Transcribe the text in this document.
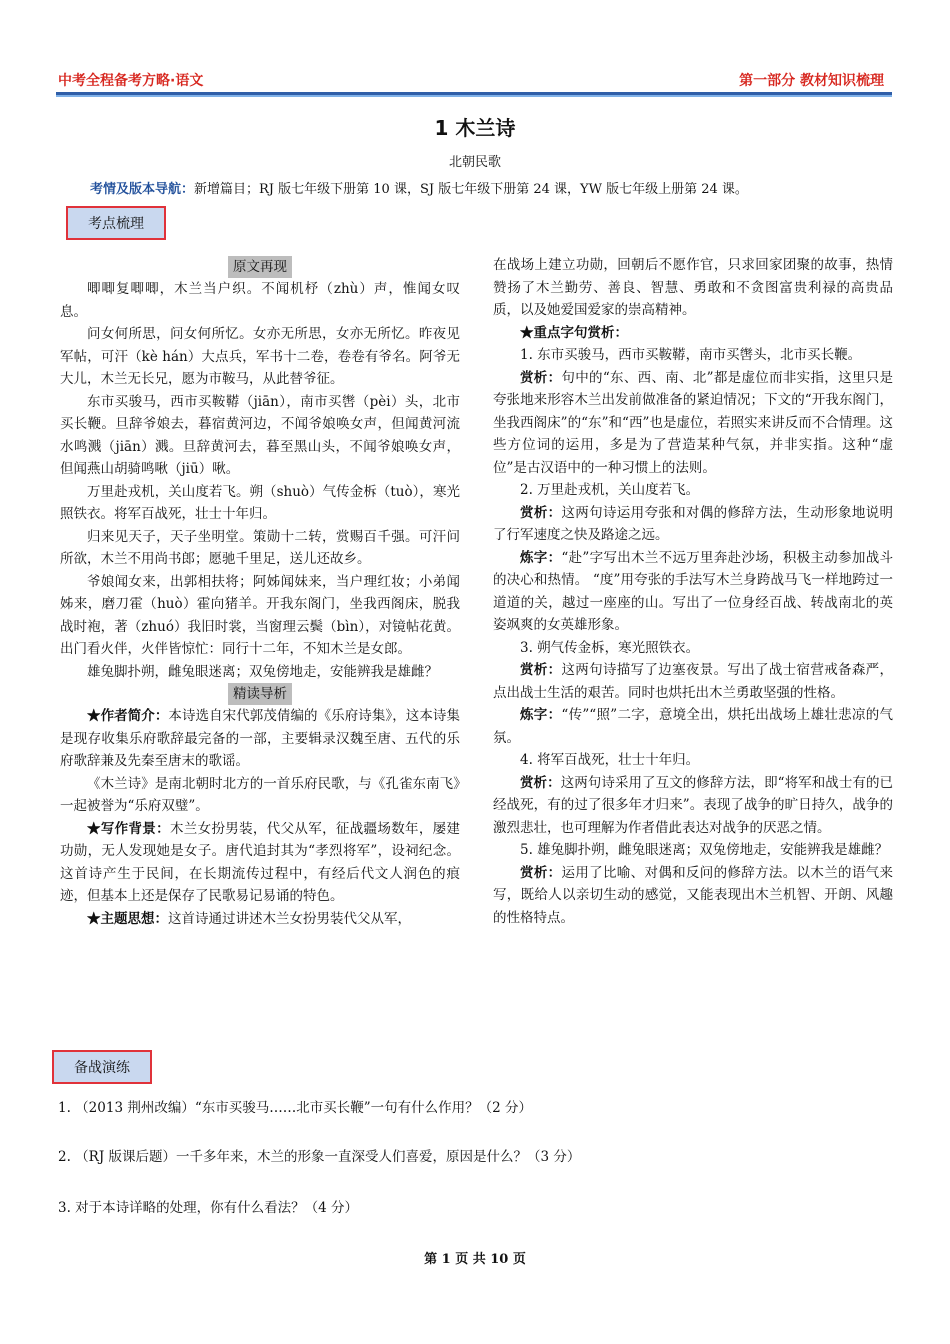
中考全程备考方略·语文	第一部分 教材知识梳理
1 木兰诗
北朝民歌
考情及版本导航：新增篇目；RJ 版七年级下册第 10 课，SJ 版七年级下册第 24 课，YW 版七年级上册第 24 课。
考点梳理
原文再现

唧唧复唧唧，木兰当户织。不闻机杼（zhù）声，惟闻女叹息。

问女何所思，问女何所忆。女亦无所思，女亦无所忆。昨夜见军帖，可汗（kè hán）大点兵，军书十二卷，卷卷有爷名。阿爷无大儿，木兰无长兄，愿为市鞍马，从此替爷征。

东市买骏马，西市买鞍鞯（jiān），南市买辔（pèi）头，北市买长鞭。旦辞爷娘去，暮宿黄河边，不闻爷娘唤女声，但闻黄河流水鸣溅（jiān）溅。旦辞黄河去，暮至黑山头，不闻爷娘唤女声，但闻燕山胡骑鸣啾（jiū）啾。

万里赴戎机，关山度若飞。朔（shuò）气传金柝（tuò），寒光照铁衣。将军百战死，壮士十年归。

归来见天子，天子坐明堂。策勋十二转，赏赐百千强。可汗问所欲，木兰不用尚书郎；愿驰千里足，送儿还故乡。

爷娘闻女来，出郭相扶将；阿姊闻妹来，当户理红妆；小弟闻姊来，磨刀霍（huò）霍向猪羊。开我东阁门，坐我西阁床，脱我战时袍，著（zhuó）我旧时裳，当窗理云鬓（bìn），对镜帖花黄。出门看火伴，火伴皆惊忙：同行十二年，不知木兰是女郎。

雄兔脚扑朔，雌兔眼迷离；双兔傍地走，安能辨我是雄雌？

精读导析

★作者简介：本诗选自宋代郭茂倩编的《乐府诗集》，这本诗集是现存收集乐府歌辞最完备的一部，主要辑录汉魏至唐、五代的乐府歌辞兼及先秦至唐末的歌谣。

《木兰诗》是南北朝时北方的一首乐府民歌，与《孔雀东南飞》一起被誉为“乐府双璧”。

★写作背景：木兰女扮男装，代父从军，征战疆场数年，屡建功勋，无人发现她是女子。唐代追封其为“孝烈将军”，设祠纪念。这首诗产生于民间，在长期流传过程中，有经后代文人润色的痕迹，但基本上还是保存了民歌易记易诵的特色。

★主题思想：这首诗通过讲述木兰女扮男装代父从军，

在战场上建立功勋，回朝后不愿作官，只求回家团聚的故事，热情赞扬了木兰勤劳、善良、智慧、勇敢和不贪图富贵利禄的高贵品质，以及她爱国爱家的崇高精神。

★重点字句赏析：

1. 东市买骏马，西市买鞍鞯，南市买辔头，北市买长鞭。

赏析：句中的“东、西、南、北”都是虚位而非实指，这里只是夸张地来形容木兰出发前做准备的紧迫情况；下文的“开我东阁门，坐我西阁床”的“东”和“西”也是虚位，若照实来讲反而不合情理。这些方位词的运用，多是为了营造某种气氛，并非实指。这种“虚位”是古汉语中的一种习惯上的法则。

2. 万里赴戎机，关山度若飞。

赏析：这两句诗运用夸张和对偶的修辞方法，生动形象地说明了行军速度之快及路途之远。

炼字：“赴”字写出木兰不远万里奔赴沙场，积极主动参加战斗的决心和热情。 “度”用夸张的手法写木兰身跨战马飞一样地跨过一道道的关，越过一座座的山。写出了一位身经百战、转战南北的英姿飒爽的女英雄形象。

3. 朔气传金柝，寒光照铁衣。

赏析：这两句诗描写了边塞夜景。写出了战士宿营戒备森严，点出战士生活的艰苦。同时也烘托出木兰勇敢坚强的性格。

炼字：“传”“照”二字，意境全出，烘托出战场上雄壮悲凉的气氛。

4. 将军百战死，壮士十年归。

赏析：这两句诗采用了互文的修辞方法，即“将军和战士有的已经战死，有的过了很多年才归来”。表现了战争的旷日持久，战争的激烈悲壮，也可理解为作者借此表达对战争的厌恶之情。

5. 雄兔脚扑朔，雌兔眼迷离；双兔傍地走，安能辨我是雄雌？

赏析：运用了比喻、对偶和反问的修辞方法。以木兰的语气来写，既给人以亲切生动的感觉，又能表现出木兰机智、开朗、风趣的性格特点。

备战演练
1. （2013 荆州改编）“东市买骏马……北市买长鞭”一句有什么作用？（2 分）
2. （RJ 版课后题）一千多年来，木兰的形象一直深受人们喜爱，原因是什么？（3 分）
3. 对于本诗详略的处理，你有什么看法？（4 分）
第 1 页 共 10 页
